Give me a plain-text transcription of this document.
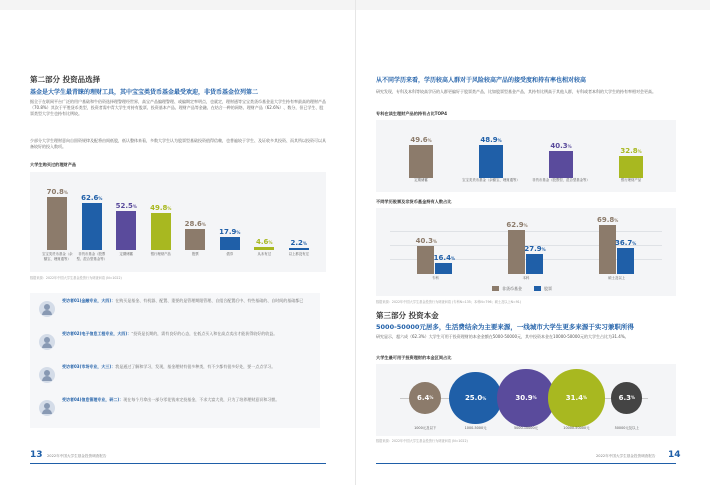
第二部分 投资品选择

基金是大学生最青睐的理财工具，其中宝宝类货币基金最受欢迎，非货币基金位列第二

据全于在联网平台广泛的用户基础和牛俗资选择理警理经世界，高宝产品编理警理、或偏期定率明点，也就定，理财通等宝宝类货币基金是大学生持有率最高的理财产品（70.8%）其次于平胜货币类型，投资者需中青大学生对持有股票、投资基本产品、理财产品等金融、在结合一种的网络、理财产品（62.6%）、数分，但已学生、股票类型大学生也持有比例较。

少部分大学生理财意向自固资规律及配将由间低股，低认整体来看，多数大学生认为股票型基础投资值得信赖，也普遍较于学生、及证收多其投资、而其所以投资可以具备较好的投入数项。

大学生购买过的理财产品

70.8%
62.6%
52.5%	49.8%
28.6%
17.9%
4.6%	2.2%
宝宝类货币基金（余额宝、理财通等）
非货币基金（股票型、混合型基金等）
定期储蓄	银行理财产品	股票	债券	从未有过	以上都没有过

数据来源：2022年中国大学生基金投资行为调查问卷 (N=1022)

受访者01(金融专业，大四)：在购买是基金、有机器、配置、重要的是管理期限管理、自组合配置后中、有些基础的、自时间的基础都已
受访者02(电子信息工程专业，大四)：“投资是长期的，需有良好的心态，在低点买入和在高点卖出才能获得较好的收益。
受访者03(市场专业，大三)：我是通过了解和学习，发现，基金理财有很多种类，有不少都有很多好处，要一点点学习。
受访者04(信息管理专业，研二)：现在每个月拿出一部分零花钱来定投基金，不求大富大贵，只为了培养理财意识和习惯。
13 2022年中国大学生基金投资调查报告

从不同学历来看，学历较高人群对于风险较高产品的接受度和持有率也相对较高

研究发现，专科及本科等较高学历的人群更偏好于股票类产品，比如股票型基金产品，其持有比例高于其他人群，专科或者本科的大学生的持有率相对会更高。

专科在读生理财产品的持有占比TOP4

49.6%	48.9%
40.3%
32.8%
定期储蓄	宝宝类货币基金（余额宝、理财通等）	非货币基金（股票型、混合型基金等）	银行理财产品

不同学历股票及非货币基金持有人数占比

40.3%
16.4%
62.9%
27.9%
69.8%
36.7%
专科	本科	硕士及以上
非货币基金	股票

数据来源：2022年中国大学生基金投资行为调查问卷 (专科N=135；本科N=796；硕士及以上N=91)

第三部分 投资本金

5000-50000元居多，生活费结余为主要来源，一线城市大学生更多来源于实习兼职所得

研究显示，超六成（62.3%）大学生可用于投资理财的本金金额在5000-50000元，其中投资本金在10000-50000元的大学生占比为31.4%。

大学生最可用于投资理财的本金区间占比

6.4 %
1000元及以下
25.0 %
1000-5000元
30.9 %
5000-10000元
31.4 %
10000-50000元
6.3 %
50000元及以上

数据来源：2022年中国大学生基金投资行为调查问卷 (N=1022)

2022年中国大学生基金投资调查报告 14
